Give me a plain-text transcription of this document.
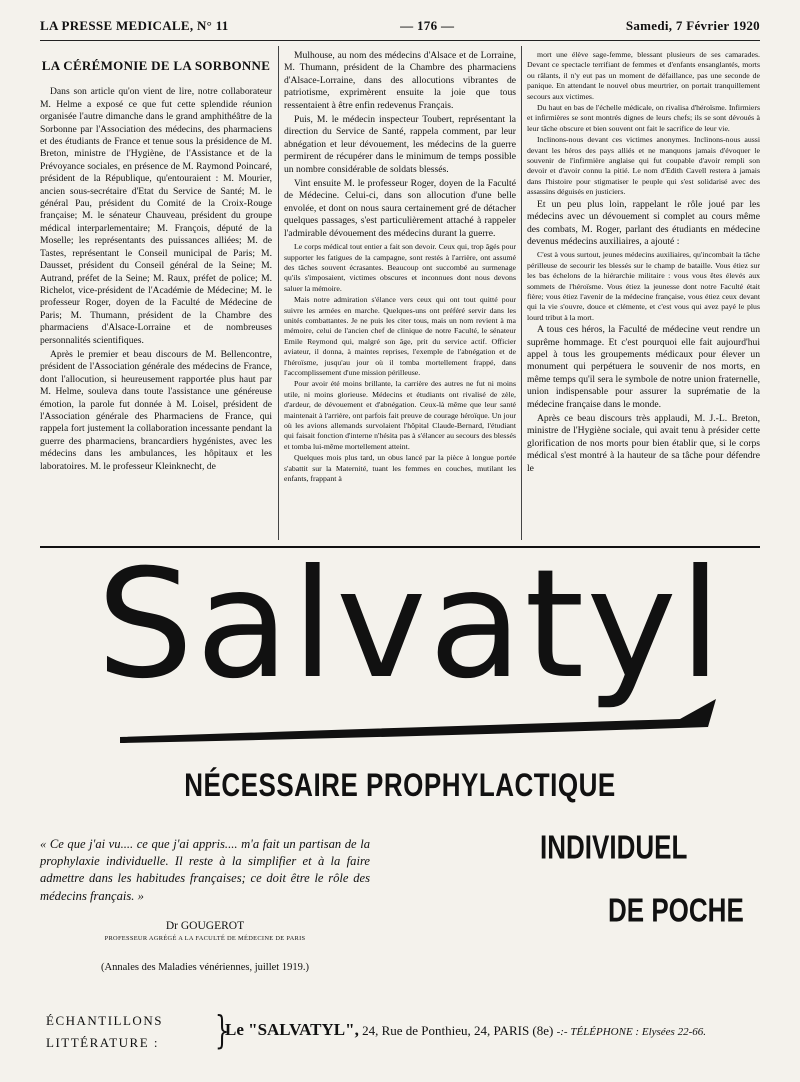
LA PRESSE MEDICALE, N° 11	— 176 —	Samedi, 7 Février 1920

LA CÉRÉMONIE DE LA SORBONNE

Dans son article qu'on vient de lire, notre collaborateur M. Helme a exposé ce que fut cette splendide réunion organisée l'autre dimanche dans le grand amphithéâtre de la Sorbonne par l'Association des médecins, des pharmaciens et des étudiants de France et tenue sous la présidence de M. Breton, ministre de l'Hygiène, de l'Assistance et de la Prévoyance sociales, en présence de M. Raymond Poincaré, président de la République, qu'entouraient : M. Mourier, ancien sous-secrétaire d'Etat du Service de Santé; M. le général Pau, président du Comité de la Croix-Rouge française; M. le sénateur Chauveau, président du groupe médical interparlementaire; M. François, député de la Moselle; les représentants des puissances alliées; M. de Tastes, représentant le Conseil municipal de Paris; M. Dausset, président du Conseil général de la Seine; M. Autrand, préfet de la Seine; M. Raux, préfet de police; M. Richelot, vice-président de l'Académie de Médecine; M. le professeur Roger, doyen de la Faculté de Médecine de Paris; M. Thumann, président de la Chambre des pharmaciens d'Alsace-Lorraine et de nombreuses personnalités scientifiques.

Après le premier et beau discours de M. Bellencontre, président de l'Association générale des médecins de France, dont l'allocution, si heureusement rapportée plus haut par M. Helme, souleva dans toute l'assistance une généreuse émotion, la parole fut donnée à M. Loisel, président de l'Association générale des Pharmaciens de France, qui rappela fort justement la collaboration incessante pendant la guerre des pharmaciens, brancardiers hygénistes, avec les médecins dans les ambulances, les hôpitaux et les laboratoires. M. le professeur Kleinknecht, de

Mulhouse, au nom des médecins d'Alsace et de Lorraine, M. Thumann, président de la Chambre des pharmaciens d'Alsace-Lorraine, dans des allocutions vibrantes de patriotisme, exprimèrent ensuite la joie que tous ressentaient à être enfin redevenus Français.

Puis, M. le médecin inspecteur Toubert, représentant la direction du Service de Santé, rappela comment, par leur abnégation et leur dévouement, les médecins de la guerre permirent de récupérer dans le minimum de temps possible un nombre considérable de soldats blessés.

Vint ensuite M. le professeur Roger, doyen de la Faculté de Médecine. Celui-ci, dans son allocution d'une belle envolée, et dont on nous saura certainement gré de détacher quelques passages, s'est particulièrement attaché à rappeler l'admirable dévouement des médecins durant la guerre.

Le corps médical tout entier a fait son devoir. Ceux qui, trop âgés pour supporter les fatigues de la campagne, sont restés à l'arrière, ont assumé des tâches souvent écrasantes. Beaucoup ont succombé au surmenage qu'ils s'imposaient, victimes obscures et inconnues dont nous devons saluer la mémoire.

Mais notre admiration s'élance vers ceux qui ont tout quitté pour suivre les armées en marche. Quelques-uns ont préféré servir dans les unités combattantes. Je ne puis les citer tous, mais un nom revient à ma mémoire, celui de l'ancien chef de clinique de notre Faculté, le sénateur Emile Reymond qui, malgré son âge, prit du service actif. Officier aviateur, il donna, à maintes reprises, l'exemple de l'abnégation et de l'héroïsme, jusqu'au jour où il tomba mortellement frappé, dans l'accomplissement d'une mission périlleuse.

Pour avoir été moins brillante, la carrière des autres ne fut ni moins utile, ni moins glorieuse. Médecins et étudiants ont rivalisé de zèle, d'ardeur, de dévouement et d'abnégation. Ceux-là même que leur santé maintenait à l'arrière, ont parfois fait preuve de courage héroïque. Un jour où les avions allemands survolaient l'hôpital Claude-Bernard, l'étudiant qui faisait fonction d'interne n'hésita pas à s'élancer au secours des blessés et tomba lui-même mortellement atteint.

Quelques mois plus tard, un obus lancé par la pièce à longue portée s'abattit sur la Maternité, tuant les femmes en couches, mutilant les enfants, frappant à

mort une élève sage-femme, blessant plusieurs de ses camarades. Devant ce spectacle terrifiant de femmes et d'enfants ensanglantés, morts ou râlants, il n'y eut pas un moment de défaillance, pas une seconde de panique. En attendant le nouvel obus meurtrier, on portait tranquillement secours aux victimes.

Du haut en bas de l'échelle médicale, on rivalisa d'héroïsme. Infirmiers et infirmières se sont montrés dignes de leurs chefs; ils se sont dévoués à leur tâche obscure et bien souvent ont fait le sacrifice de leur vie.

Inclinons-nous devant ces victimes anonymes. Inclinons-nous aussi devant les héros des pays alliés et ne manquons jamais d'évoquer le souvenir de l'infirmière anglaise qui fut coupable d'avoir rempli son devoir et d'avoir connu la pitié. Le nom d'Edith Cavell restera à jamais dans l'histoire pour stigmatiser le peuple qui s'est solidarisé avec des assassins déguisés en justiciers.

Et un peu plus loin, rappelant le rôle joué par les médecins avec un dévouement si complet au cours même des combats, M. Roger, parlant des étudiants en médecine devenus médecins auxiliaires, a ajouté :

C'est à vous surtout, jeunes médecins auxiliaires, qu'incombait la tâche périlleuse de secourir les blessés sur le champ de bataille. Vous étiez sur les bas échelons de la hiérarchie militaire : vous vous êtes élevés aux sommets de l'héroïsme. Vous étiez la jeunesse dont notre Faculté était fière; vous étiez l'avenir de la médecine française, vous étiez ceux devant qui la vie s'ouvre, douce et clémente, et c'est vous qui avez payé le plus lourd tribut à la mort.

A tous ces héros, la Faculté de médecine veut rendre un suprême hommage. Et c'est pourquoi elle fait aujourd'hui appel à tous les groupements médicaux pour élever un monument qui perpétuera le souvenir de nos morts, en même temps qu'il sera le symbole de notre union fraternelle, union indispensable pour assurer la suprématie de la médecine française dans le monde.

Après ce beau discours très applaudi, M. J.-L. Breton, ministre de l'Hygiène sociale, qui avait tenu à présider cette glorification de nos morts pour bien établir que, si le corps médical s'est montré à la hauteur de sa tâche pour défendre le

Salvatyl
NÉCESSAIRE PROPHYLACTIQUE
« Ce que j'ai vu.... ce que j'ai appris.... m'a fait un partisan de la prophylaxie individuelle. Il reste à la simplifier et à la faire admettre dans les habitudes françaises; ce doit être le rôle des médecins français. »
Dr GOUGEROT
PROFESSEUR AGRÉGÉ A LA FACULTÉ DE MÉDECINE DE PARIS
(Annales des Maladies vénériennes, juillet 1919.)
INDIVIDUEL
DE POCHE
ÉCHANTILLONS
LITTÉRATURE : }
Le "SALVATYL", 24, Rue de Ponthieu, 24, PARIS (8e) -:- TÉLÉPHONE : Elysées 22-66.
